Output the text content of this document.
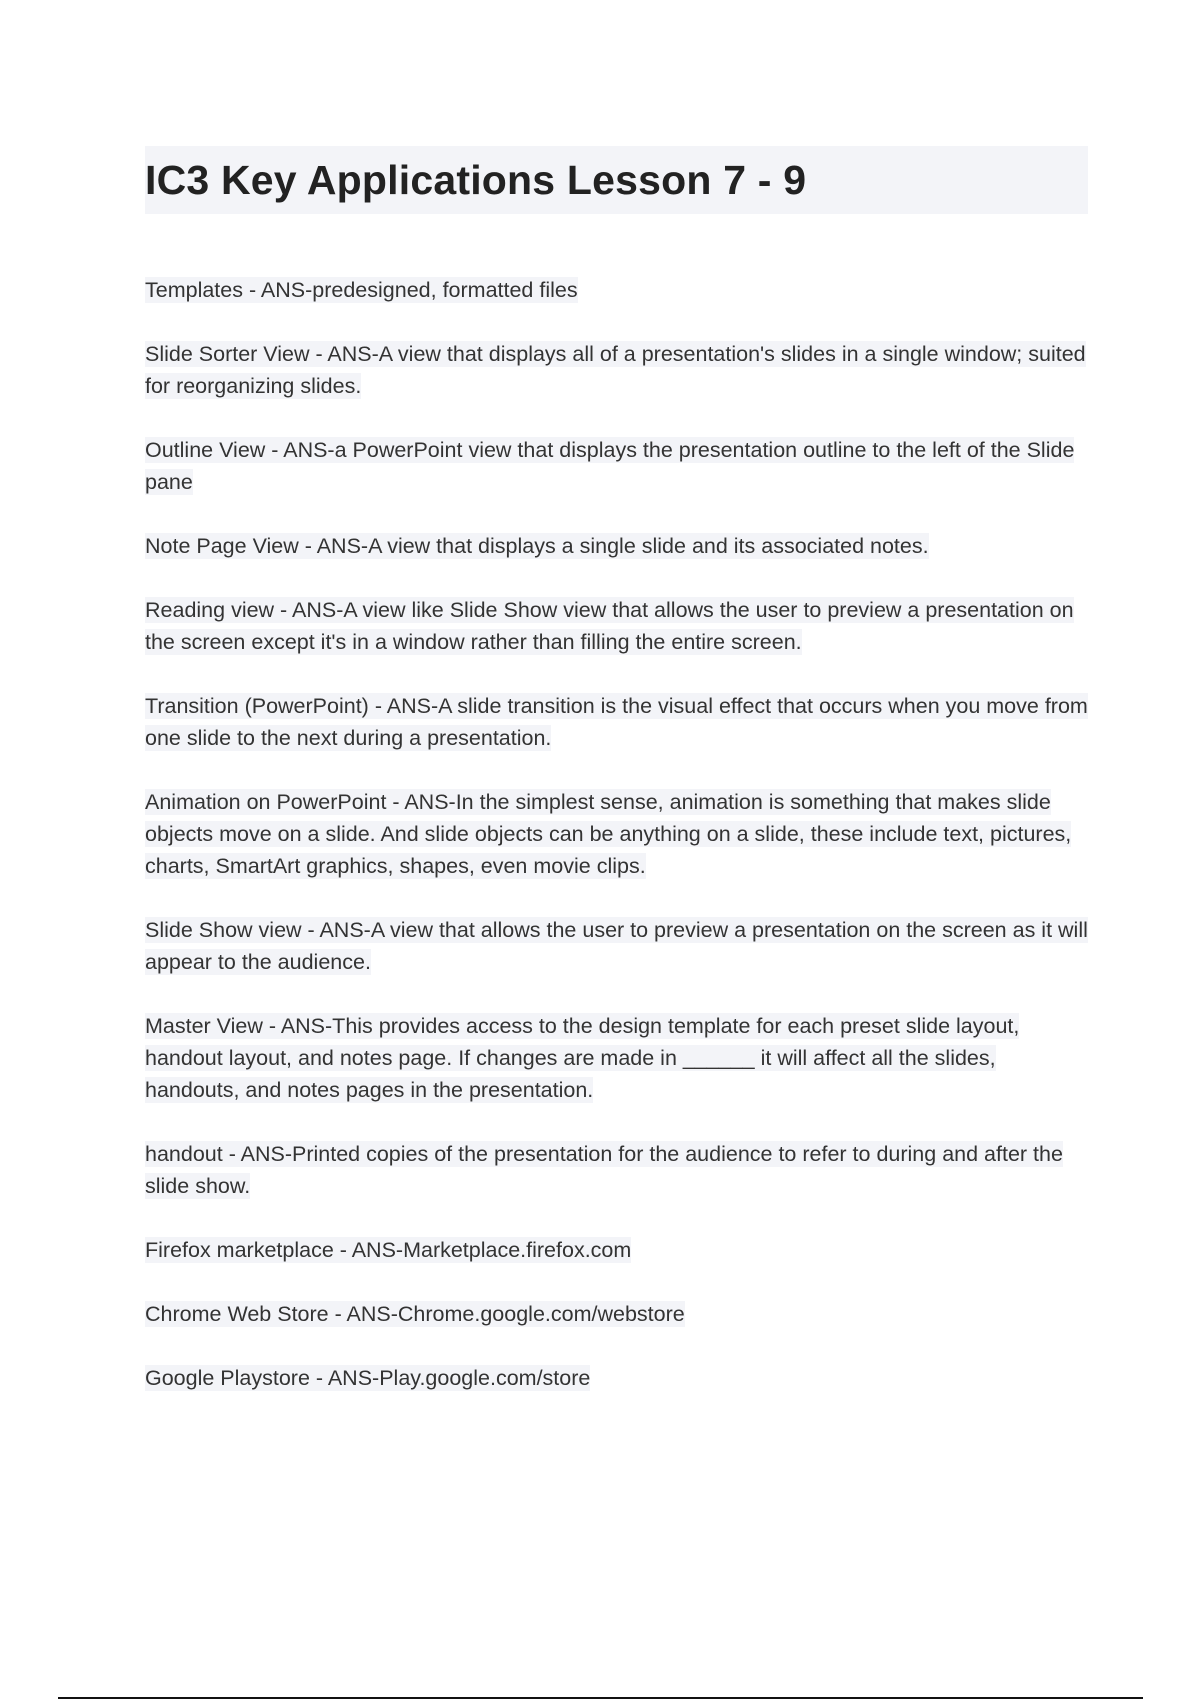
IC3 Key Applications Lesson 7 - 9

Templates - ANS-predesigned, formatted files

Slide Sorter View - ANS-A view that displays all of a presentation's slides in a single window; suited for reorganizing slides.

Outline View - ANS-a PowerPoint view that displays the presentation outline to the left of the Slide pane

Note Page View - ANS-A view that displays a single slide and its associated notes.

Reading view - ANS-A view like Slide Show view that allows the user to preview a presentation on the screen except it's in a window rather than filling the entire screen.

Transition (PowerPoint) - ANS-A slide transition is the visual effect that occurs when you move from one slide to the next during a presentation.

Animation on PowerPoint - ANS-In the simplest sense, animation is something that makes slide objects move on a slide. And slide objects can be anything on a slide, these include text, pictures, charts, SmartArt graphics, shapes, even movie clips.

Slide Show view - ANS-A view that allows the user to preview a presentation on the screen as it will appear to the audience.

Master View - ANS-This provides access to the design template for each preset slide layout, handout layout, and notes page. If changes are made in ______ it will affect all the slides, handouts, and notes pages in the presentation.

handout - ANS-Printed copies of the presentation for the audience to refer to during and after the slide show.

Firefox marketplace - ANS-Marketplace.firefox.com

Chrome Web Store - ANS-Chrome.google.com/webstore

Google Playstore - ANS-Play.google.com/store
